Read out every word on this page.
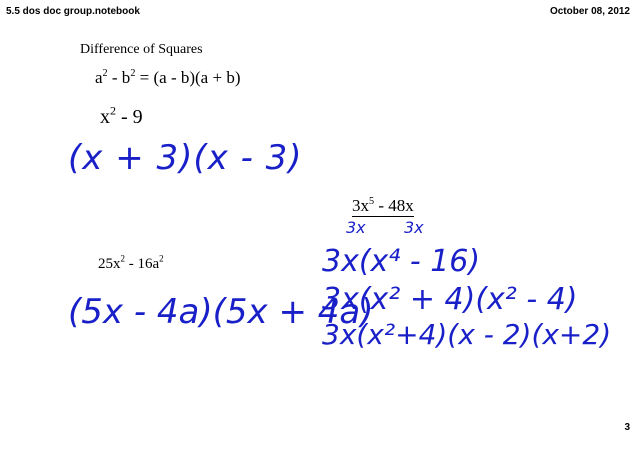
5.5 dos doc group.notebook	October 08, 2012
Difference of Squares
$a^2 - b^2 = (a - b)(a + b)$
$x^2 - 9$
(x + 3)(x - 3)
$25x^2 - 16a^2$
(5x - 4a)(5x + 4a)
$3x^5 - 48x$
3x 3x
3x(x⁴ - 16)
3x(x² + 4)(x² - 4)
3x(x²+4)(x - 2)(x+2)
3
